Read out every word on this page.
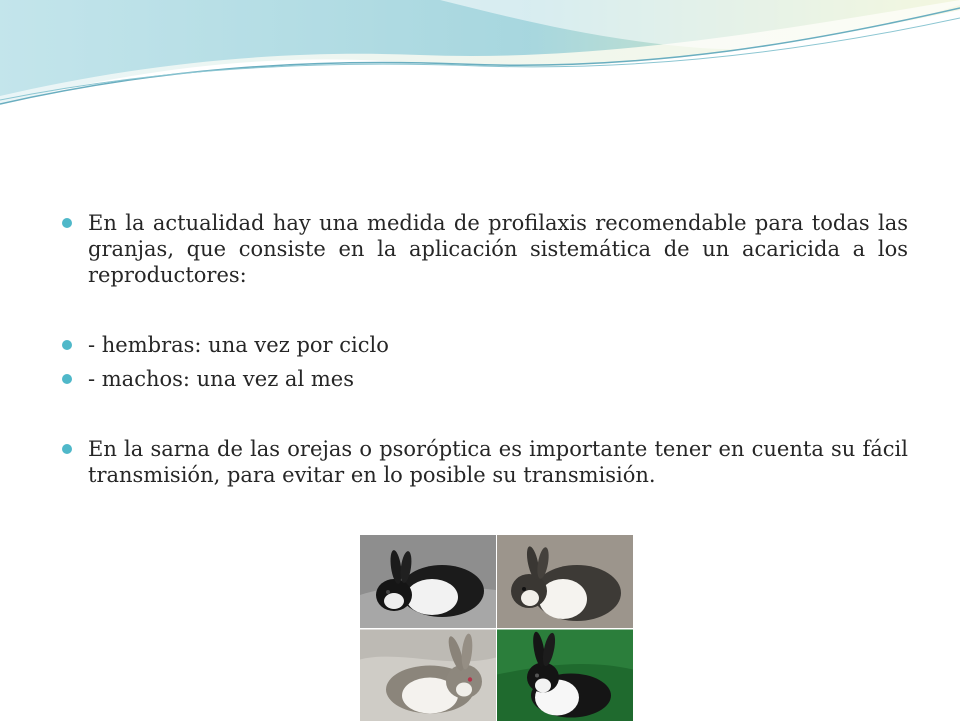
En la actualidad hay una medida de profilaxis recomendable para todas las granjas, que consiste en la aplicación sistemática de un acaricida a los reproductores:
- hembras: una vez por ciclo
- machos: una vez al mes
En la sarna de las orejas o psoróptica es importante tener en cuenta su fácil transmisión, para evitar en lo posible su transmisión.
